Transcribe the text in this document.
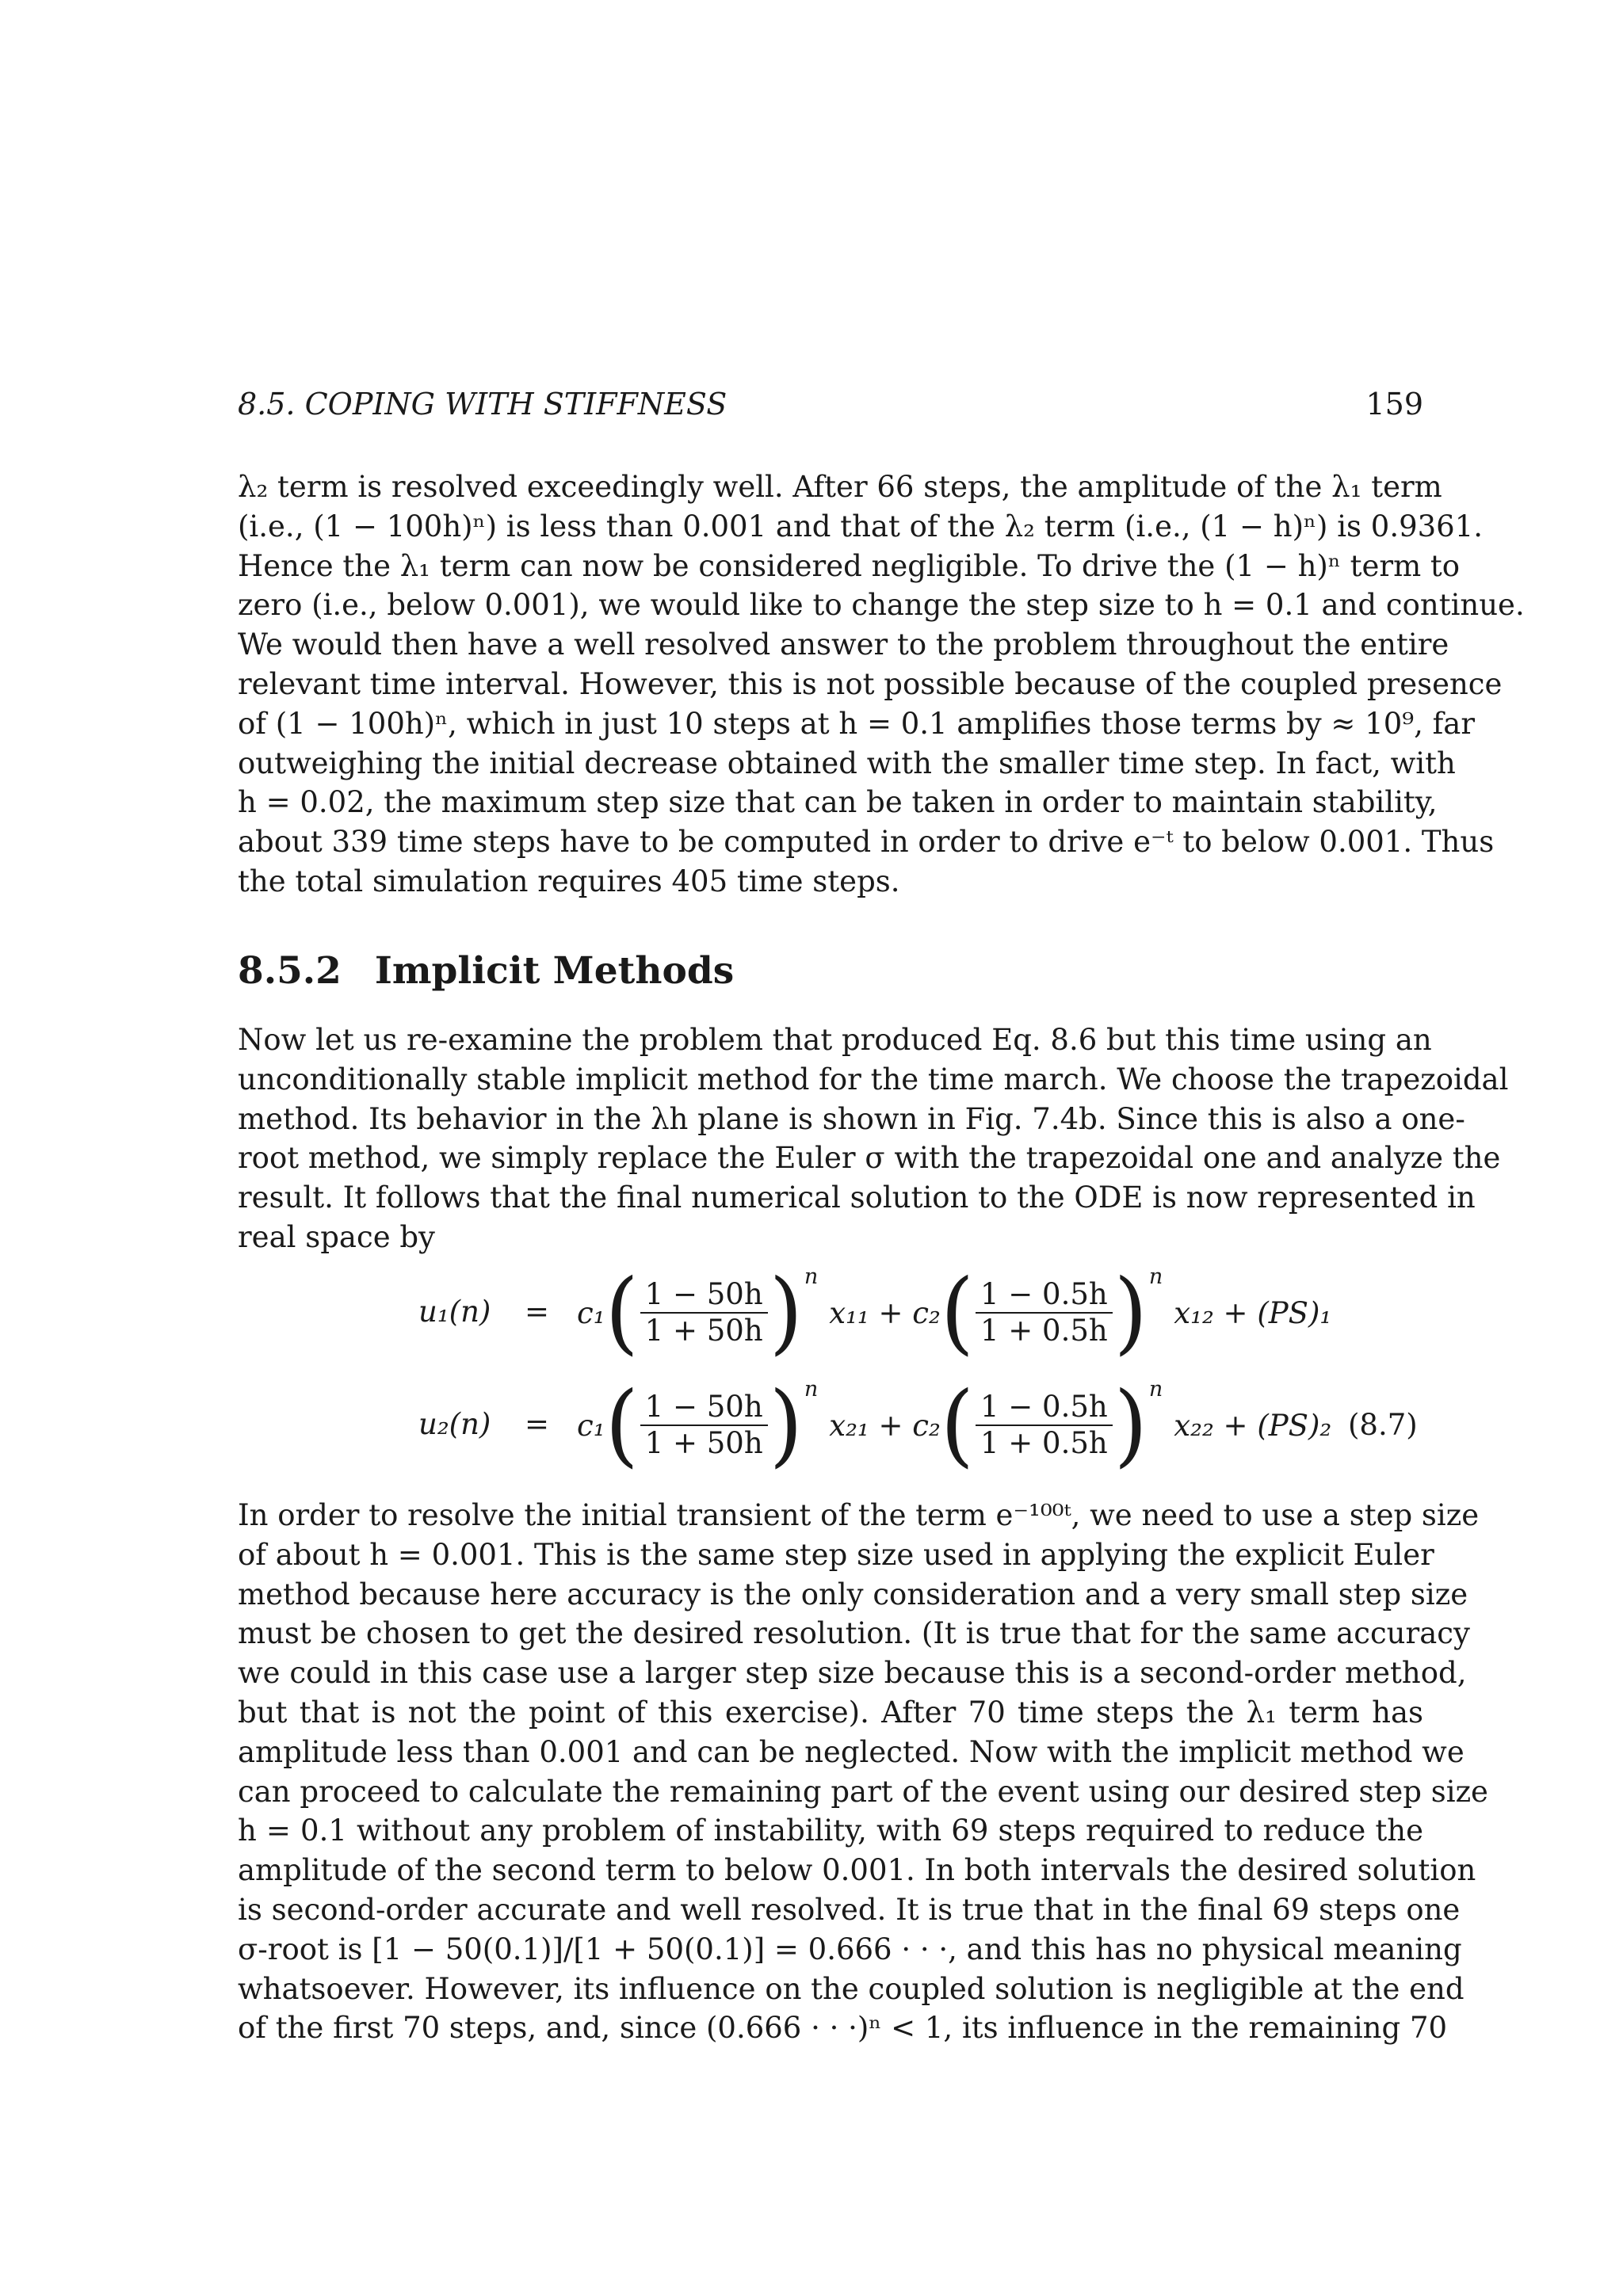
8.5. COPING WITH STIFFNESS	159
λ₂ term is resolved exceedingly well. After 66 steps, the amplitude of the λ₁ term
(i.e., (1 − 100h)ⁿ) is less than 0.001 and that of the λ₂ term (i.e., (1 − h)ⁿ) is 0.9361.
Hence the λ₁ term can now be considered negligible. To drive the (1 − h)ⁿ term to
zero (i.e., below 0.001), we would like to change the step size to h = 0.1 and continue.
We would then have a well resolved answer to the problem throughout the entire
relevant time interval. However, this is not possible because of the coupled presence
of (1 − 100h)ⁿ, which in just 10 steps at h = 0.1 amplifies those terms by ≈ 10⁹, far
outweighing the initial decrease obtained with the smaller time step. In fact, with
h = 0.02, the maximum step size that can be taken in order to maintain stability,
about 339 time steps have to be computed in order to drive e⁻ᵗ to below 0.001. Thus
the total simulation requires 405 time steps.
8.5.2 Implicit Methods
Now let us re-examine the problem that produced Eq. 8.6 but this time using an
unconditionally stable implicit method for the time march. We choose the trapezoidal
method. Its behavior in the λh plane is shown in Fig. 7.4b. Since this is also a one-
root method, we simply replace the Euler σ with the trapezoidal one and analyze the
result. It follows that the final numerical solution to the ODE is now represented in
real space by
u₁(n) = c₁ ( $\frac{1 - 50h}{1 + 50h}$ ) n
x₁₁ + c₂ ( $\frac{1 - 0.5h}{1 + 0.5h}$ ) n
x₁₂ + (PS)₁
u₂(n) = c₁ ( $\frac{1 - 50h}{1 + 50h}$ ) n
x₂₁ + c₂ ( $\frac{1 - 0.5h}{1 + 0.5h}$ ) n
x₂₂ + (PS)₂ (8.7)
In order to resolve the initial transient of the term e⁻¹⁰⁰ᵗ, we need to use a step size
of about h = 0.001. This is the same step size used in applying the explicit Euler
method because here accuracy is the only consideration and a very small step size
must be chosen to get the desired resolution. (It is true that for the same accuracy
we could in this case use a larger step size because this is a second-order method,
but that is not the point of this exercise). After 70 time steps the λ₁ term has
amplitude less than 0.001 and can be neglected. Now with the implicit method we
can proceed to calculate the remaining part of the event using our desired step size
h = 0.1 without any problem of instability, with 69 steps required to reduce the
amplitude of the second term to below 0.001. In both intervals the desired solution
is second-order accurate and well resolved. It is true that in the final 69 steps one
σ-root is [1 − 50(0.1)]/[1 + 50(0.1)] = 0.666 · · ·, and this has no physical meaning
whatsoever. However, its influence on the coupled solution is negligible at the end
of the first 70 steps, and, since (0.666 · · ·)ⁿ < 1, its influence in the remaining 70
